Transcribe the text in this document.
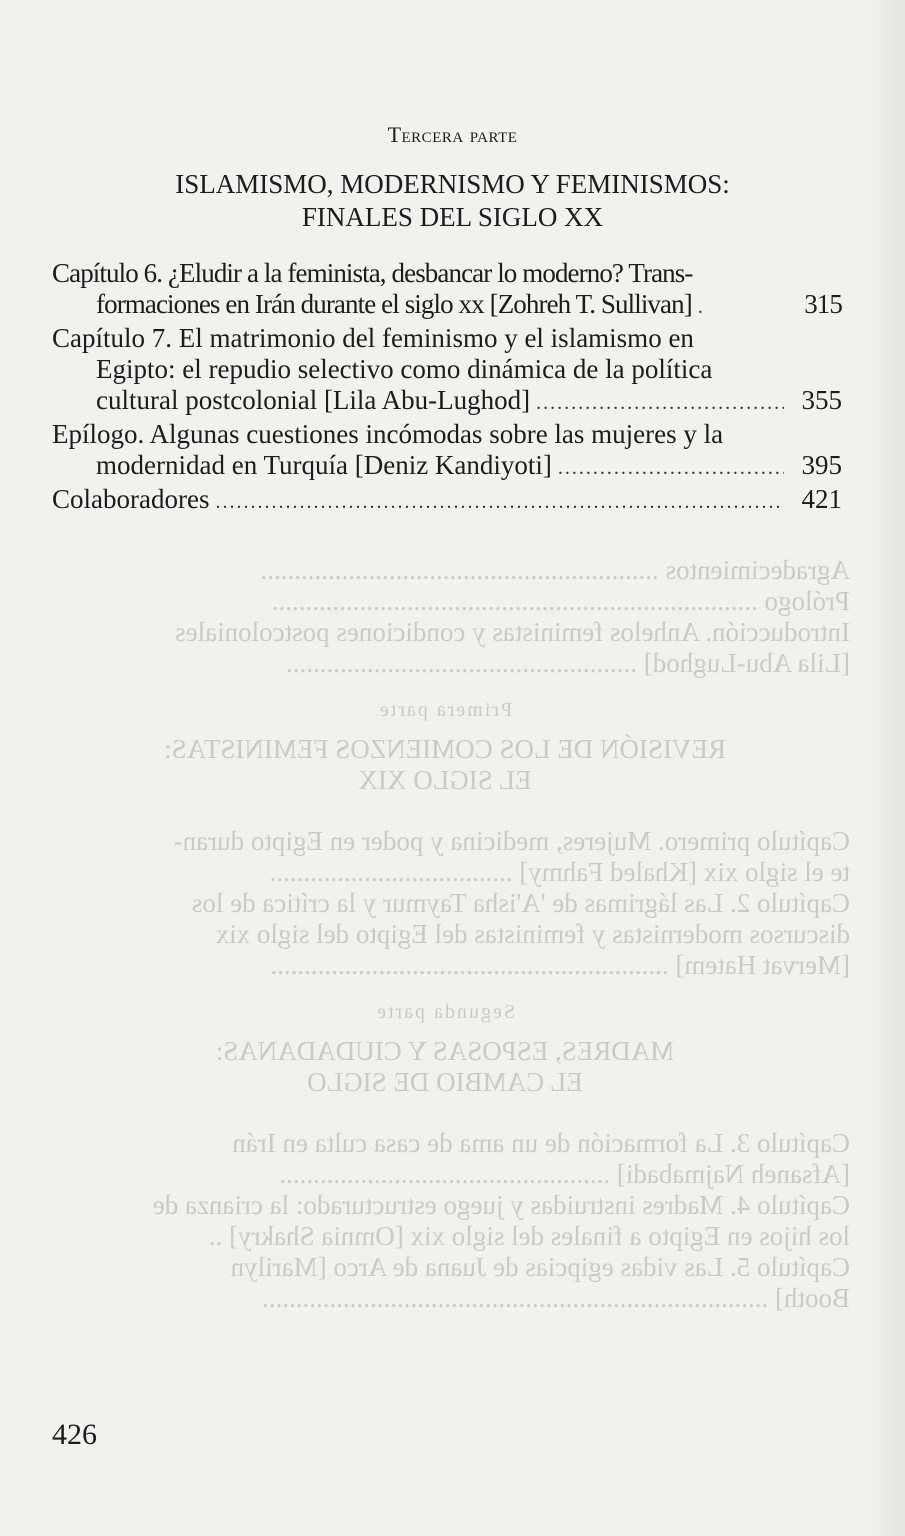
Agradecimientos ...........................................................
Prólogo ........................................................................
Introducción. Anhelos feministas y condiciones postcoloniales
[Lila Abu-Lughod] ....................................................
Primera parte
REVISIÓN DE LOS COMIENZOS FEMINISTAS:
EL SIGLO XIX
Capítulo primero. Mujeres, medicina y poder en Egipto duran-
te el siglo xix [Khaled Fahmy] ....................................
Capítulo 2. Las lágrimas de 'A'isha Taymur y la crítica de los
discursos modernistas y feministas del Egipto del siglo xix
[Mervat Hatem] ...........................................................
Segunda parte
MADRES, ESPOSAS Y CIUDADANAS:
EL CAMBIO DE SIGLO
Capítulo 3. La formación de un ama de casa culta en Irán
[Afsaneh Najmabadi] .................................................
Capítulo 4. Madres instruidas y juego estructurado: la crianza de
los hijos en Egipto a finales del siglo xix [Omnia Shakry] ..
Capítulo 5. Las vidas egipcias de Juana de Arco [Marilyn
Booth] ...........................................................................
Tercera parte
ISLAMISMO, MODERNISMO Y FEMINISMOS:
FINALES DEL SIGLO XX
Capítulo 6. ¿Eludir a la feminista, desbancar lo moderno? Trans-
formaciones en Irán durante el siglo xx [Zohreh T. Sullivan] .	315
Capítulo 7. El matrimonio del feminismo y el islamismo en
Egipto: el repudio selectivo como dinámica de la política
cultural postcolonial [Lila Abu-Lughod] .....	355
Epílogo. Algunas cuestiones incómodas sobre las mujeres y la
modernidad en Turquía [Deniz Kandiyoti] .....	395
Colaboradores .....	421
426
